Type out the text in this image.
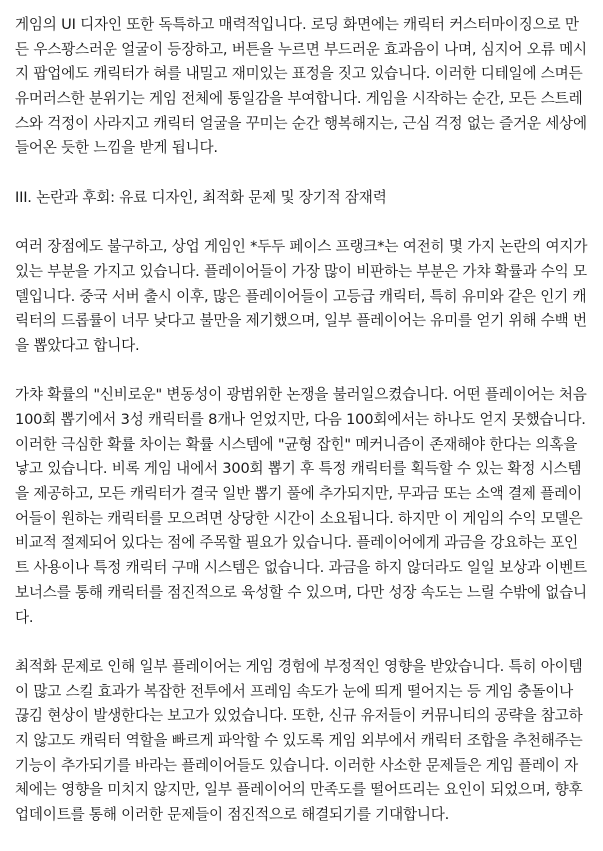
게임의 UI 디자인 또한 독특하고 매력적입니다. 로딩 화면에는 캐릭터 커스터마이징으로 만
든 우스꽝스러운 얼굴이 등장하고, 버튼을 누르면 부드러운 효과음이 나며, 심지어 오류 메시
지 팝업에도 캐릭터가 혀를 내밀고 재미있는 표정을 짓고 있습니다. 이러한 디테일에 스며든
유머러스한 분위기는 게임 전체에 통일감을 부여합니다. 게임을 시작하는 순간, 모든 스트레
스와 걱정이 사라지고 캐릭터 얼굴을 꾸미는 순간 행복해지는, 근심 걱정 없는 즐거운 세상에
들어온 듯한 느낌을 받게 됩니다.
III. 논란과 후회: 유료 디자인, 최적화 문제 및 장기적 잠재력
여러 장점에도 불구하고, 상업 게임인 *두두 페이스 프랭크*는 여전히 몇 가지 논란의 여지가
있는 부분을 가지고 있습니다. 플레이어들이 가장 많이 비판하는 부분은 가챠 확률과 수익 모
델입니다. 중국 서버 출시 이후, 많은 플레이어들이 고등급 캐릭터, 특히 유미와 같은 인기 캐
릭터의 드롭률이 너무 낮다고 불만을 제기했으며, 일부 플레이어는 유미를 얻기 위해 수백 번
을 뽑았다고 합니다.
가챠 확률의 "신비로운" 변동성이 광범위한 논쟁을 불러일으켰습니다. 어떤 플레이어는 처음
100회 뽑기에서 3성 캐릭터를 8개나 얻었지만, 다음 100회에서는 하나도 얻지 못했습니다.
이러한 극심한 확률 차이는 확률 시스템에 "균형 잡힌" 메커니즘이 존재해야 한다는 의혹을
낳고 있습니다. 비록 게임 내에서 300회 뽑기 후 특정 캐릭터를 획득할 수 있는 확정 시스템
을 제공하고, 모든 캐릭터가 결국 일반 뽑기 풀에 추가되지만, 무과금 또는 소액 결제 플레이
어들이 원하는 캐릭터를 모으려면 상당한 시간이 소요됩니다. 하지만 이 게임의 수익 모델은
비교적 절제되어 있다는 점에 주목할 필요가 있습니다. 플레이어에게 과금을 강요하는 포인
트 사용이나 특정 캐릭터 구매 시스템은 없습니다. 과금을 하지 않더라도 일일 보상과 이벤트
보너스를 통해 캐릭터를 점진적으로 육성할 수 있으며, 다만 성장 속도는 느릴 수밖에 없습니
다.
최적화 문제로 인해 일부 플레이어는 게임 경험에 부정적인 영향을 받았습니다. 특히 아이템
이 많고 스킬 효과가 복잡한 전투에서 프레임 속도가 눈에 띄게 떨어지는 등 게임 충돌이나
끊김 현상이 발생한다는 보고가 있었습니다. 또한, 신규 유저들이 커뮤니티의 공략을 참고하
지 않고도 캐릭터 역할을 빠르게 파악할 수 있도록 게임 외부에서 캐릭터 조합을 추천해주는
기능이 추가되기를 바라는 플레이어들도 있습니다. 이러한 사소한 문제들은 게임 플레이 자
체에는 영향을 미치지 않지만, 일부 플레이어의 만족도를 떨어뜨리는 요인이 되었으며, 향후
업데이트를 통해 이러한 문제들이 점진적으로 해결되기를 기대합니다.
